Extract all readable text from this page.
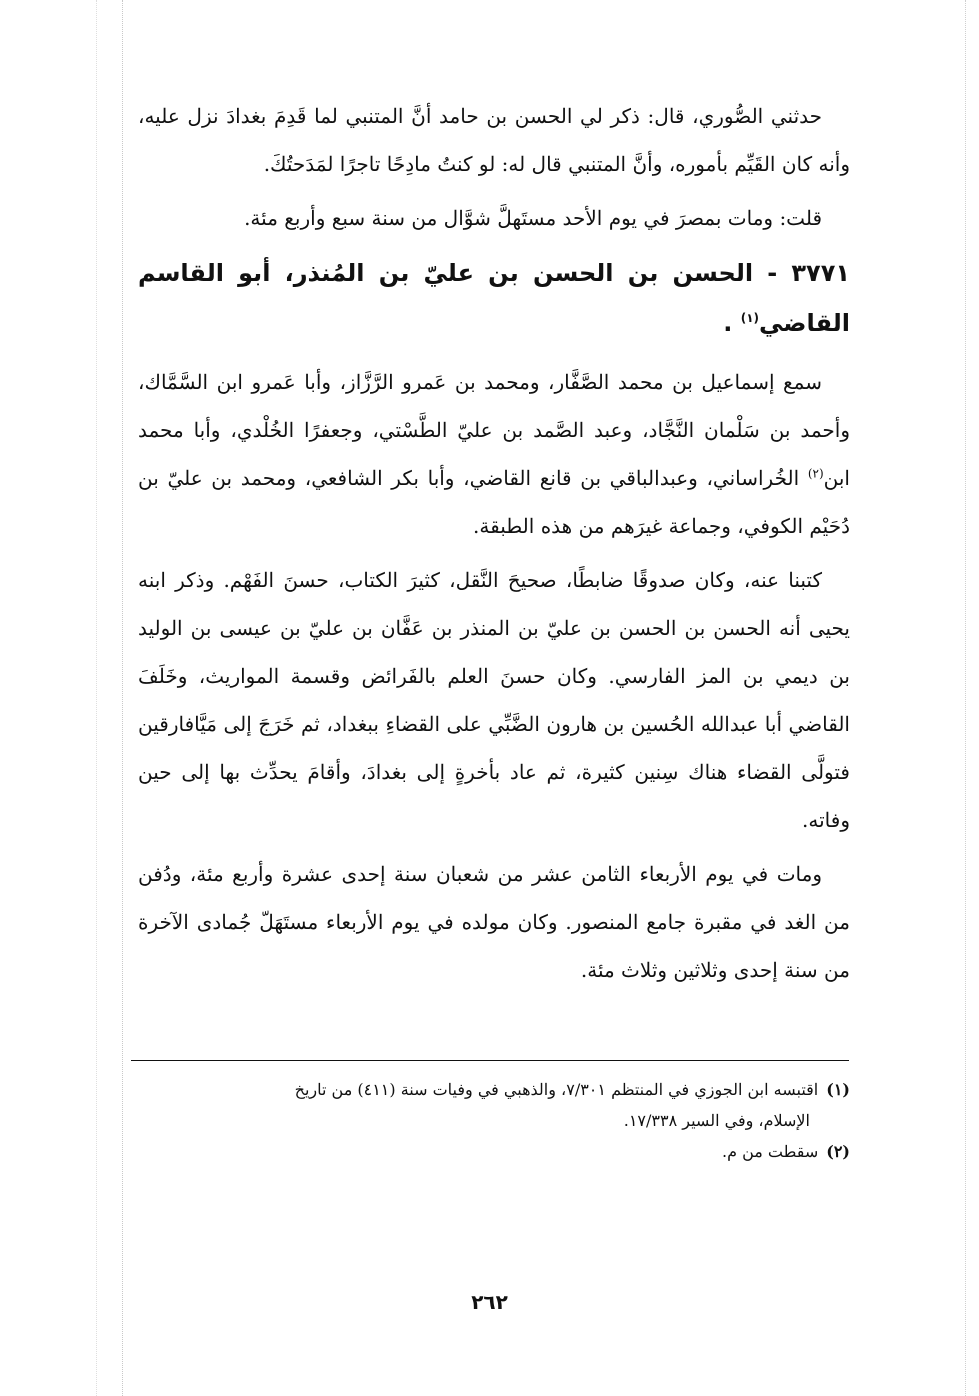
حدثني الصُّوري، قال: ذكر لي الحسن بن حامد أنَّ المتنبي لما قَدِمَ بغدادَ نزل عليه، وأنه كان القَيِّم بأموره، وأنَّ المتنبي قال له: لو كنتُ مادِحًا تاجرًا لمَدَحتُكَ.

قلت: ومات بمصرَ في يوم الأحد مستَهلَّ شوَّال من سنة سبع وأربع مئة.

٣٧٧١ - الحسن بن الحسن بن عليّ بن المُنذر، أبو القاسم القاضي$^{(١)}$ .

سمع إسماعيل بن محمد الصَّفَّار، ومحمد بن عَمرو الرَّزَّاز، وأبا عَمرو ابن السَّمَّاك، وأحمد بن سَلْمان النَّجَّاد، وعبد الصَّمد بن عليّ الطَّسْتي، وجعفرًا الخُلْدي، وأبا محمد ابن$^{(٢)}$ الخُراساني، وعبدالباقي بن قانع القاضي، وأبا بكر الشافعي، ومحمد بن عليّ بن دُحَيْم الكوفي، وجماعة غيرَهم من هذه الطبقة.

كتبنا عنه، وكان صدوقًا ضابطًا، صحيحَ النَّقل، كثيرَ الكتاب، حسنَ الفَهْم. وذكر ابنه يحيى أنه الحسن بن الحسن بن عليّ بن المنذر بن عَفَّان بن عليّ بن عيسى بن الوليد بن ديمي بن المز الفارسي. وكان حسنَ العلم بالفَرائض وقسمة المواريث، وخَلَفَ القاضي أبا عبدالله الحُسين بن هارون الضَّبِّي على القضاءِ ببغداد، ثم خَرَجَ إلى مَيَّافارقين فتولَّى القضاء هناك سِنين كثيرة، ثم عاد بأخرةٍ إلى بغدادَ، وأقامَ يحدِّث بها إلى حين وفاته.

ومات في يوم الأربعاء الثامن عشر من شعبان سنة إحدى عشرة وأربع مئة، ودُفن من الغد في مقبرة جامع المنصور. وكان مولده في يوم الأربعاء مستَهَلّ جُمادى الآخرة من سنة إحدى وثلاثين وثلاث مئة.

(١)اقتبسه ابن الجوزي في المنتظم ٧/٣٠١، والذهبي في وفيات سنة (٤١١) من تاريخ

الإسلام، وفي السير ١٧/٣٣٨.

(٢)سقطت من م.

٢٦٢
